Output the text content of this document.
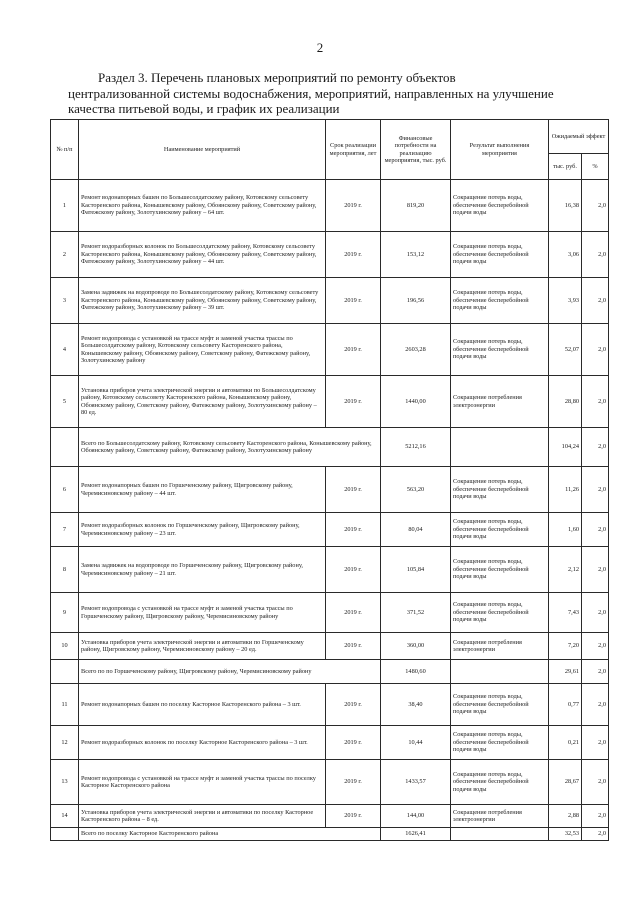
2
Раздел 3. Перечень плановых мероприятий по ремонту объектов
централизованной системы водоснабжения, мероприятий, направленных на улучшение
качества питьевой воды, и график их реализации
№ п/п	Наименование мероприятий	Срок реализации мероприятия, лет	Финансовые потребности на реализацию мероприятия, тыс. руб.	Результат выполнения мероприятия	Ожидаемый эффект	
					тыс. руб.	%
1	Ремонт водонапорных башен по Большесолдатскому району, Котовскому сельсовету Касторенского района, Конышевскому району, Обоянскому району, Советскому району, Фатежскому району, Золотухинскому району – 64 шт.	2019 г.	819,20	Сокращение потерь воды, обеспечение бесперебойной подачи воды	16,38	2,0
2	Ремонт водоразборных колонок по Большесолдатскому району, Котовскому сельсовету Касторенского района, Конышевскому району, Обоянскому району, Советскому району, Фатежскому району, Золотухинскому району – 44 шт.	2019 г.	153,12	Сокращение потерь воды, обеспечение бесперебойной подачи воды	3,06	2,0
3	Замена задвижек на водопроводе по Большесолдатскому району, Котовскому сельсовету Касторенского района, Конышевскому району, Обоянскому району, Советскому району, Фатежскому району, Золотухинскому району – 39 шт.	2019 г.	196,56	Сокращение потерь воды, обеспечение бесперебойной подачи воды	3,93	2,0
4	Ремонт водопровода с установкой на трассе муфт и заменой участка трассы по Большесолдатскому району, Котовскому сельсовету Касторенского района, Конышевскому району, Обоянскому району, Советскому району, Фатежскому району, Золотухинскому району	2019 г.	2603,28	Сокращение потерь воды, обеспечение бесперебойной подачи воды	52,07	2,0
5	Установка приборов учета электрической энергии и автоматики по Большесолдатскому району, Котовскому сельсовету Касторенского района, Конышевскому району, Обоянскому району, Советскому району, Фатежскому району, Золотухинскому району – 80 ед.	2019 г.	1440,00	Сокращение потребления электроэнергии	28,80	2,0
	Всего по Большесолдатскому району, Котовскому сельсовету Касторенского района, Конышевскому району, Обоянскому району, Советскому району, Фатежскому району, Золотухинскому району		5212,16		104,24	2,0
6	Ремонт водонапорных башен по Горшеченскому району, Щигровскому району, Черемисиновскому району – 44 шт.	2019 г.	563,20	Сокращение потерь воды, обеспечение бесперебойной подачи воды	11,26	2,0
7	Ремонт водоразборных колонок по Горшеченскому району, Щигровскому району, Черемисиновскому району – 23 шт.	2019 г.	80,04	Сокращение потерь воды, обеспечение бесперебойной подачи воды	1,60	2,0
8	Замена задвижек на водопроводе по Горшеченскому району, Щигровскому району, Черемисиновскому району – 21 шт.	2019 г.	105,84	Сокращение потерь воды, обеспечение бесперебойной подачи воды	2,12	2,0
9	Ремонт водопровода с установкой на трассе муфт и заменой участка трассы по Горшеченскому району, Щигровскому району, Черемисиновскому району	2019 г.	371,52	Сокращение потерь воды, обеспечение бесперебойной подачи воды	7,43	2,0
10	Установка приборов учета электрической энергии и автоматики по Горшеченскому району, Щигровскому району, Черемисиновскому району – 20 ед.	2019 г.	360,00	Сокращение потребления электроэнергии	7,20	2,0
	Всего по по Горшеченскому району, Щигровскому району, Черемисиновскому району		1480,60		29,61	2,0
11	Ремонт водонапорных башен по поселку Касторное Касторенского района – 3 шт.	2019 г.	38,40	Сокращение потерь воды, обеспечение бесперебойной подачи воды	0,77	2,0
12	Ремонт водоразборных колонок по поселку Касторное Касторенского района – 3 шт.	2019 г.	10,44	Сокращение потерь воды, обеспечение бесперебойной подачи воды	0,21	2,0
13	Ремонт водопровода с установкой на трассе муфт и заменой участка трассы по поселку Касторное Касторенского района	2019 г.	1433,57	Сокращение потерь воды, обеспечение бесперебойной подачи воды	28,67	2,0
14	Установка приборов учета электрической энергии и автоматики по поселку Касторное Касторенского района – 8 ед.	2019 г.	144,00	Сокращение потребления электроэнергии	2,88	2,0
	Всего по поселку Касторное Касторенского района		1626,41		32,53	2,0
